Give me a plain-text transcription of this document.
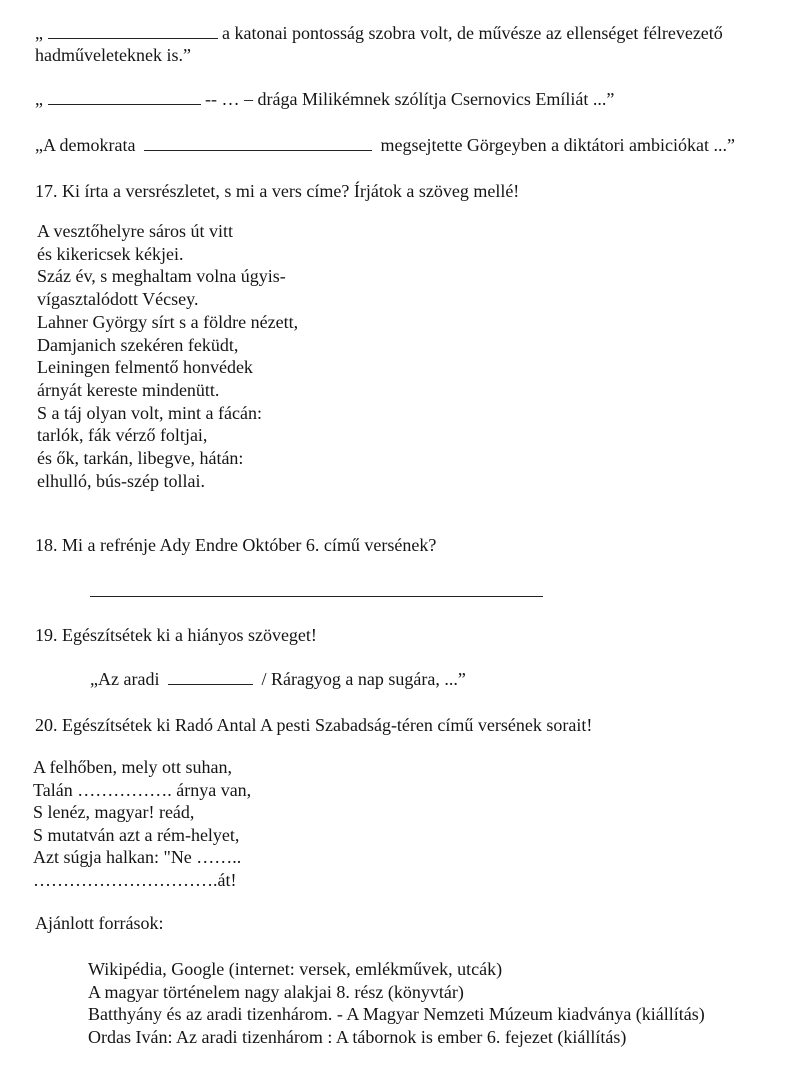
„	a katonai pontosság szobra volt, de művésze az ellenséget félrevezető
hadműveleteknek is.”
„	-- … – drága Milikémnek szólítja Csernovics Emíliát ...”
„A demokrata	megsejtette Görgeyben a diktátori ambiciókat ...”
17. Ki írta a versrészletet, s mi a vers címe? Írjátok a szöveg mellé!
A vesztőhelyre sáros út vitt
és kikericsek kékjei.
Száz év, s meghaltam volna úgyis-
vígasztalódott Vécsey.
Lahner György sírt s a földre nézett,
Damjanich szekéren feküdt,
Leiningen felmentő honvédek
árnyát kereste mindenütt.
S a táj olyan volt, mint a fácán:
tarlók, fák vérző foltjai,
és ők, tarkán, libegve, hátán:
elhulló, bús-szép tollai.
18. Mi a refrénje Ady Endre Október 6. című versének?
19. Egészítsétek ki a hiányos szöveget!
„Az aradi	/ Ráragyog a nap sugára, ...”
20. Egészítsétek ki Radó Antal A pesti Szabadság-téren című versének sorait!
A felhőben, mely ott suhan,
Talán ……………. árnya van,
S lenéz, magyar! reád,
S mutatván azt a rém-helyet,
Azt súgja halkan: "Ne ……..
………………………….át!
Ajánlott források:
Wikipédia, Google (internet: versek, emlékművek, utcák)
A magyar történelem nagy alakjai 8. rész (könyvtár)
Batthyány és az aradi tizenhárom. - A Magyar Nemzeti Múzeum kiadványa (kiállítás)
Ordas Iván: Az aradi tizenhárom : A tábornok is ember 6. fejezet (kiállítás)
